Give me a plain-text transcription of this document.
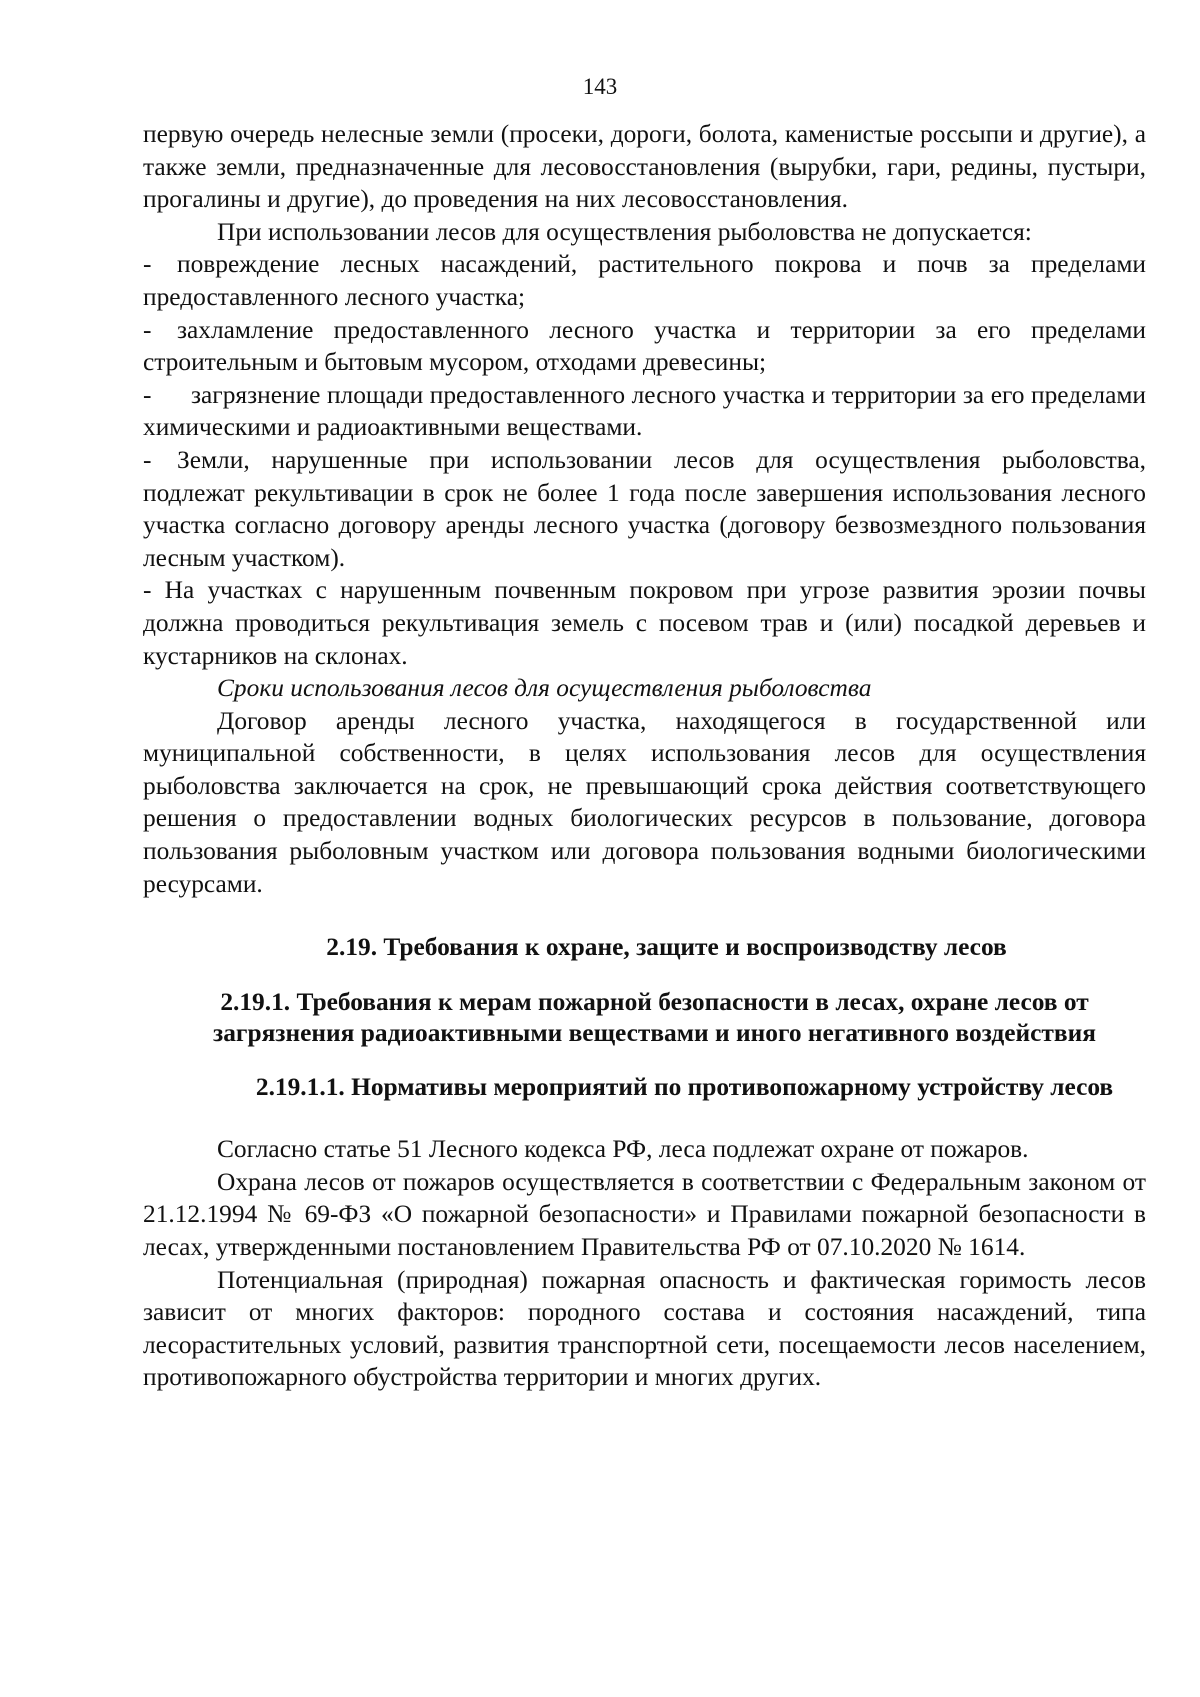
143

первую очередь нелесные земли (просеки, дороги, болота, каменистые россыпи и другие), а также земли, предназначенные для лесовосстановления (вырубки, гари, редины, пустыри, прогалины и другие), до проведения на них лесовосстановления.

При использовании лесов для осуществления рыболовства не допускается:

- повреждение лесных насаждений, растительного покрова и почв за пределами предоставленного лесного участка;

- захламление предоставленного лесного участка и территории за его пределами строительным и бытовым мусором, отходами древесины;

- загрязнение площади предоставленного лесного участка и территории за его пределами химическими и радиоактивными веществами.

- Земли, нарушенные при использовании лесов для осуществления рыболовства, подлежат рекультивации в срок не более 1 года после завершения использования лесного участка согласно договору аренды лесного участка (договору безвозмездного пользования лесным участком).

- На участках с нарушенным почвенным покровом при угрозе развития эрозии почвы должна проводиться рекультивация земель с посевом трав и (или) посадкой деревьев и кустарников на склонах.

Сроки использования лесов для осуществления рыболовства

Договор аренды лесного участка, находящегося в государственной или муниципальной собственности, в целях использования лесов для осуществления рыболовства заключается на срок, не превышающий срока действия соответствующего решения о предоставлении водных биологических ресурсов в пользование, договора пользования рыболовным участком или договора пользования водными биологическими ресурсами.

2.19. Требования к охране, защите и воспроизводству лесов

2.19.1. Требования к мерам пожарной безопасности в лесах, охране лесов от загрязнения радиоактивными веществами и иного негативного воздействия

2.19.1.1. Нормативы мероприятий по противопожарному устройству лесов

Согласно статье 51 Лесного кодекса РФ, леса подлежат охране от пожаров.

Охрана лесов от пожаров осуществляется в соответствии с Федеральным законом от 21.12.1994 № 69-ФЗ «О пожарной безопасности» и Правилами пожарной безопасности в лесах, утвержденными постановлением Правительства РФ от 07.10.2020 № 1614.

Потенциальная (природная) пожарная опасность и фактическая горимость лесов зависит от многих факторов: породного состава и состояния насаждений, типа лесорастительных условий, развития транспортной сети, посещаемости лесов населением, противопожарного обустройства территории и многих других.
